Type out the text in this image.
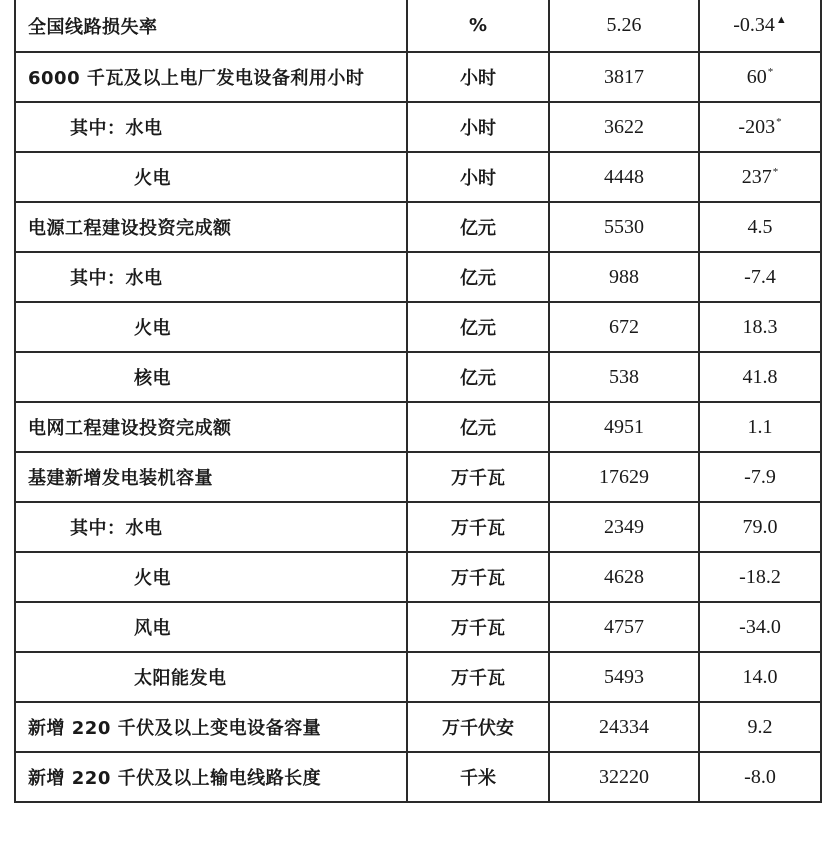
全国线路损失率	%	5.26	-0.34▲
6000 千瓦及以上电厂发电设备利用小时	小时	3817	60*
其中：水电	小时	3622	-203*
火电	小时	4448	237*
电源工程建设投资完成额	亿元	5530	4.5
其中：水电	亿元	988	-7.4
火电	亿元	672	18.3
核电	亿元	538	41.8
电网工程建设投资完成额	亿元	4951	1.1
基建新增发电装机容量	万千瓦	17629	-7.9
其中：水电	万千瓦	2349	79.0
火电	万千瓦	4628	-18.2
风电	万千瓦	4757	-34.0
太阳能发电	万千瓦	5493	14.0
新增 220 千伏及以上变电设备容量	万千伏安	24334	9.2
新增 220 千伏及以上输电线路长度	千米	32220	-8.0
